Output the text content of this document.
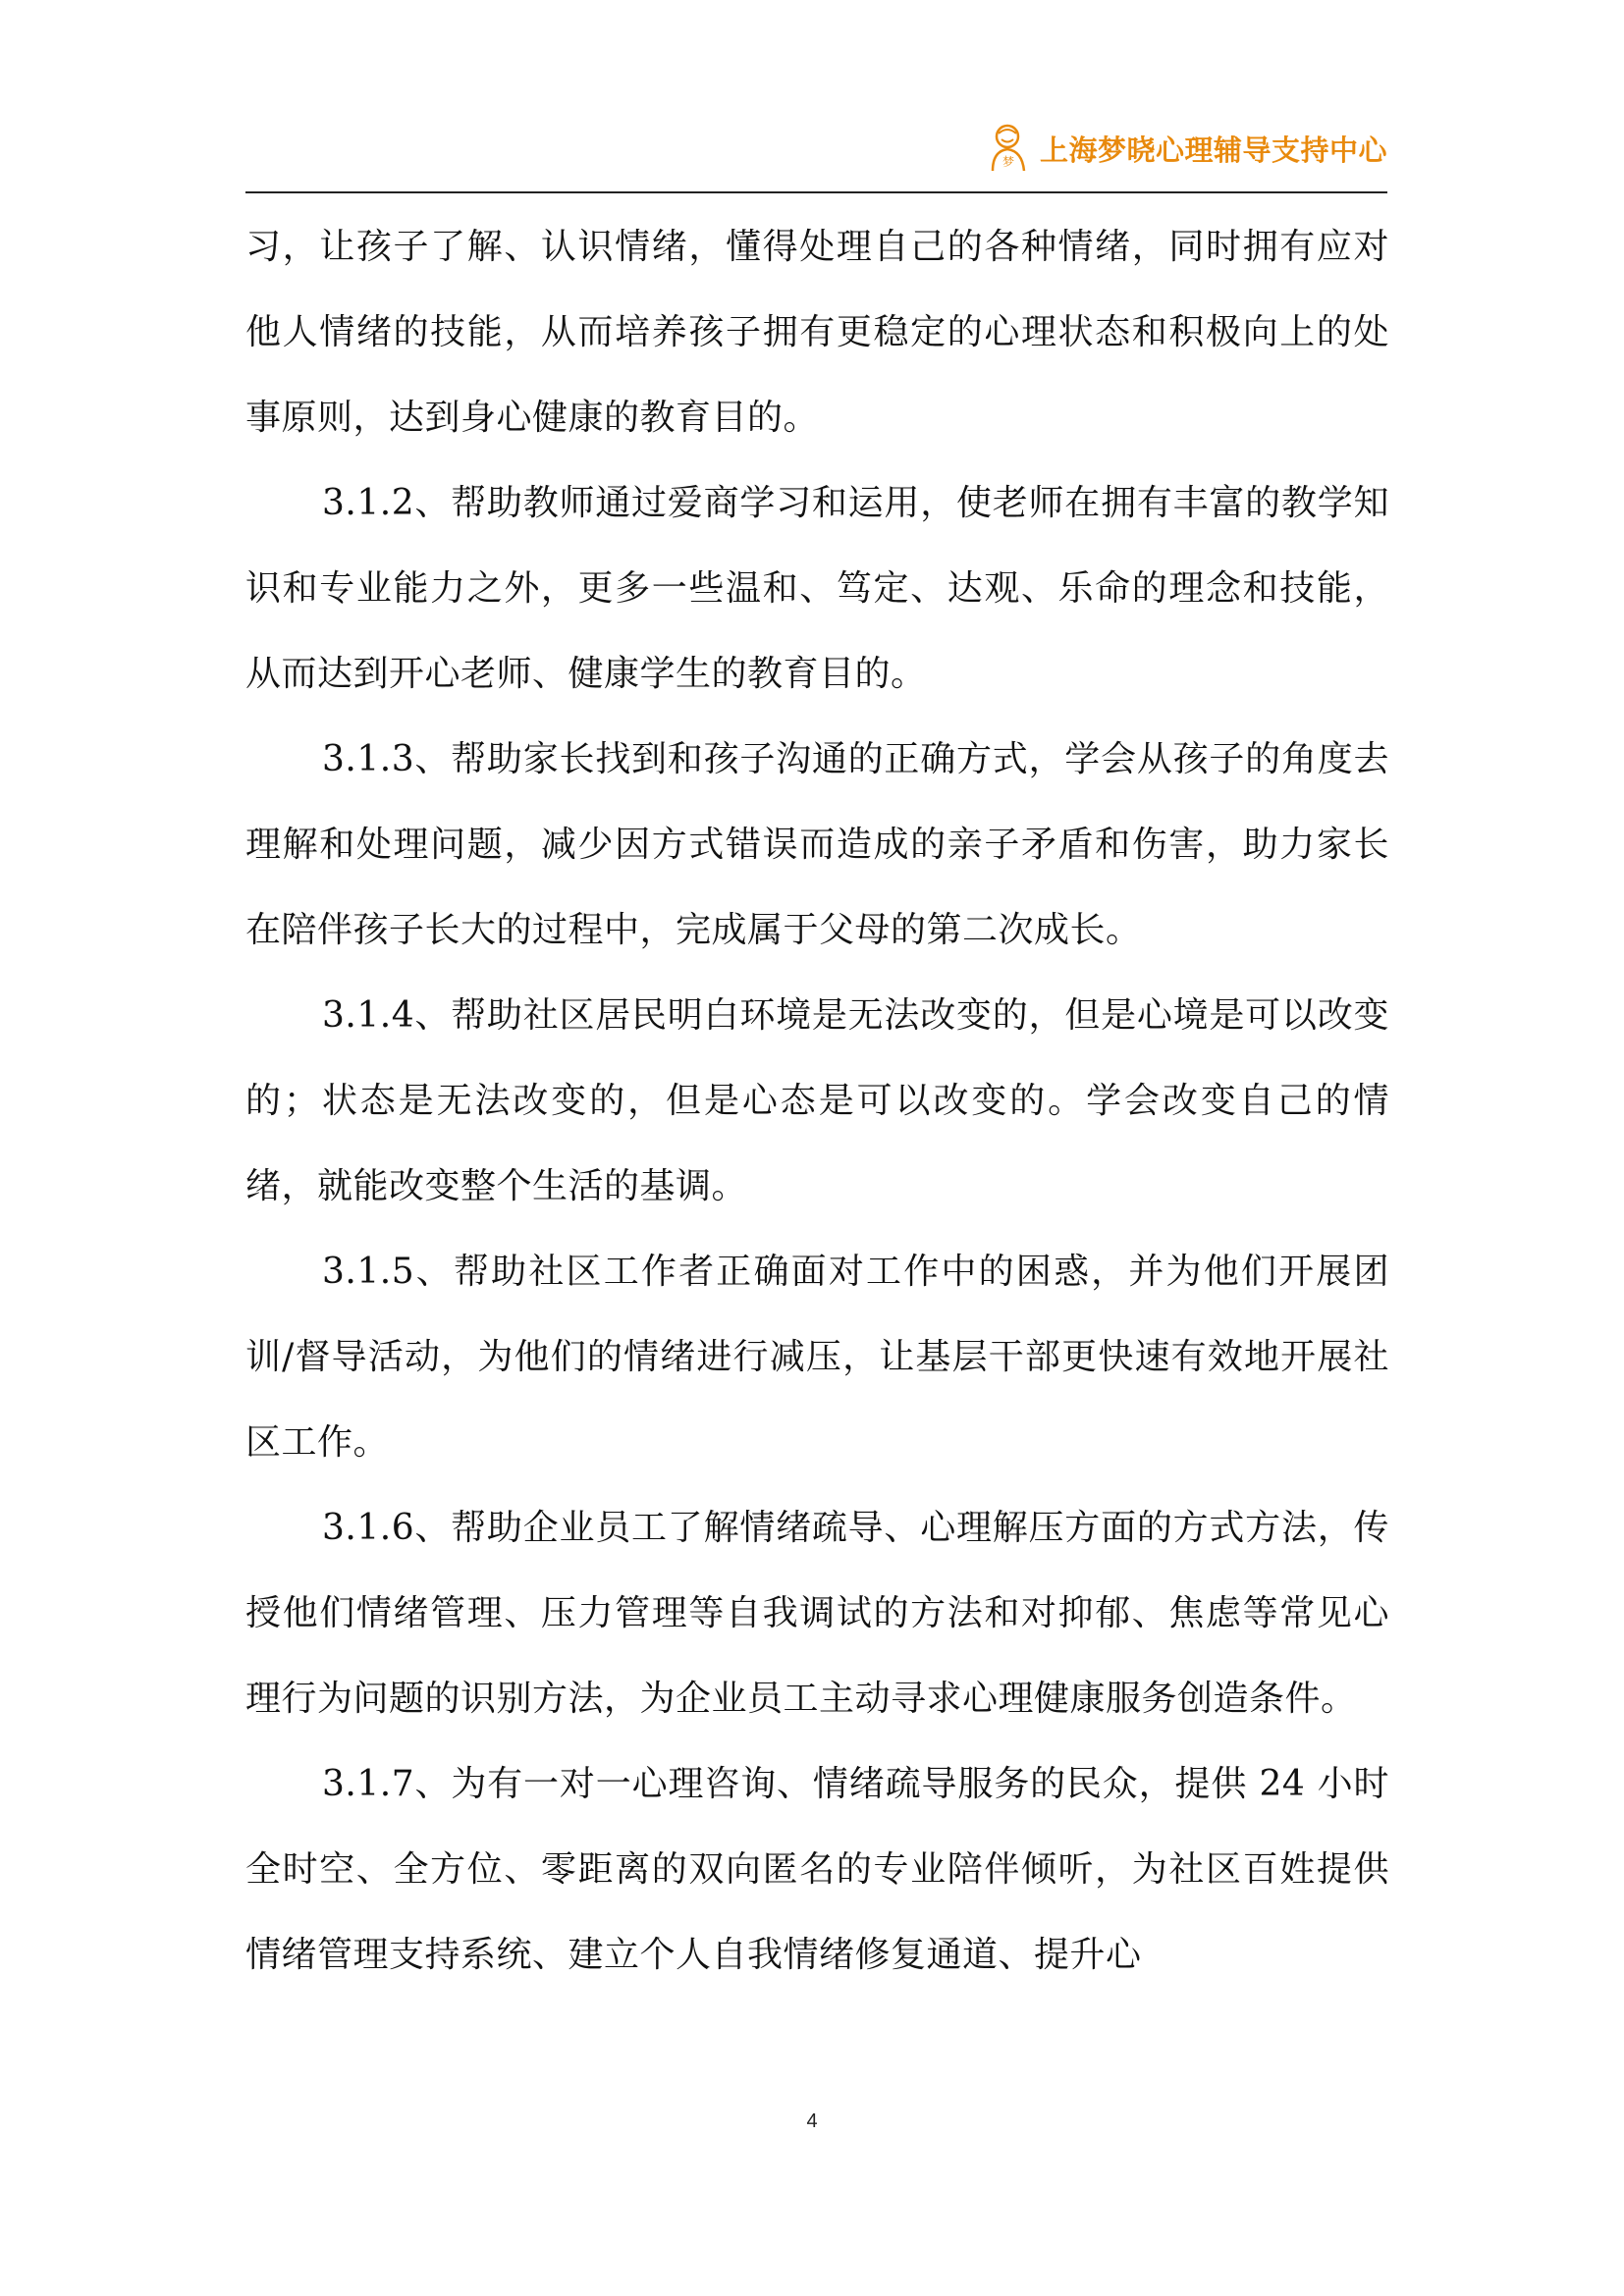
梦 上海梦晓心理辅导支持中心

习，让孩子了解、认识情绪，懂得处理自己的各种情绪，同时拥有应对他人情绪的技能，从而培养孩子拥有更稳定的心理状态和积极向上的处事原则，达到身心健康的教育目的。

3.1.2、帮助教师通过爱商学习和运用，使老师在拥有丰富的教学知识和专业能力之外，更多一些温和、笃定、达观、乐命的理念和技能，从而达到开心老师、健康学生的教育目的。

3.1.3、帮助家长找到和孩子沟通的正确方式，学会从孩子的角度去理解和处理问题，减少因方式错误而造成的亲子矛盾和伤害，助力家长在陪伴孩子长大的过程中，完成属于父母的第二次成长。

3.1.4、帮助社区居民明白环境是无法改变的，但是心境是可以改变的；状态是无法改变的，但是心态是可以改变的。学会改变自己的情绪，就能改变整个生活的基调。

3.1.5、帮助社区工作者正确面对工作中的困惑，并为他们开展团训/督导活动，为他们的情绪进行减压，让基层干部更快速有效地开展社区工作。

3.1.6、帮助企业员工了解情绪疏导、心理解压方面的方式方法，传授他们情绪管理、压力管理等自我调试的方法和对抑郁、焦虑等常见心理行为问题的识别方法，为企业员工主动寻求心理健康服务创造条件。

3.1.7、为有一对一心理咨询、情绪疏导服务的民众，提供 24 小时全时空、全方位、零距离的双向匿名的专业陪伴倾听，为社区百姓提供情绪管理支持系统、建立个人自我情绪修复通道、提升心

4
